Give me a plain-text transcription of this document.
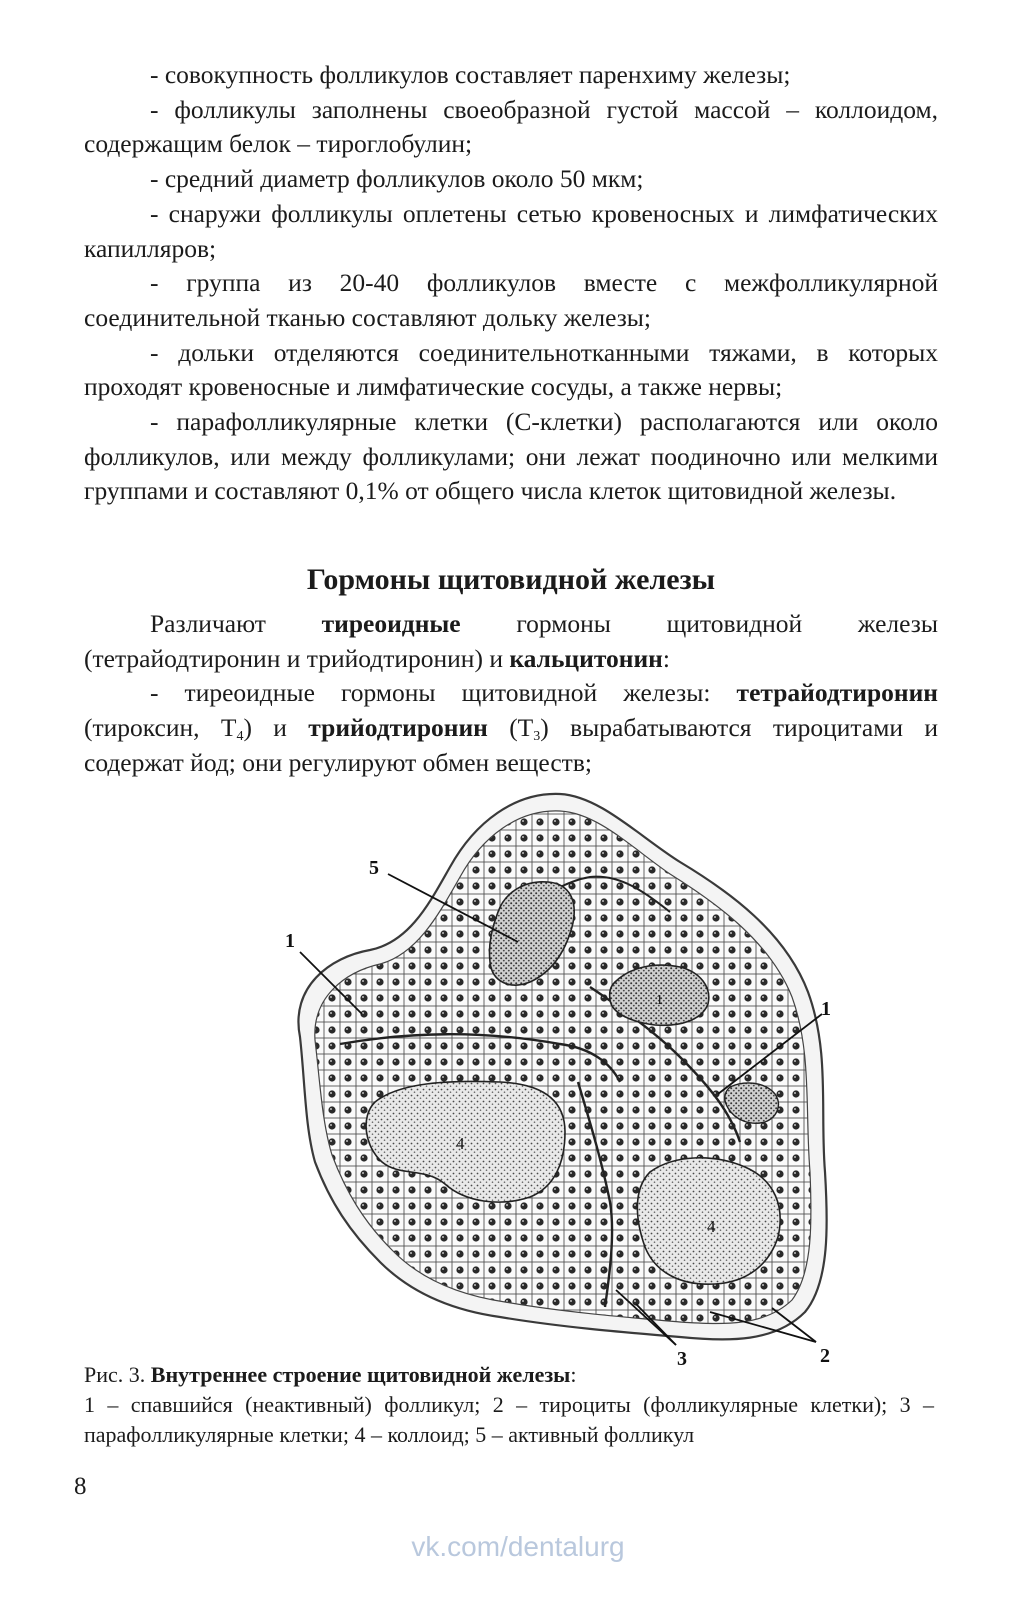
- совокупность фолликулов составляет паренхиму железы;

- фолликулы заполнены своеобразной густой массой – коллоидом, содержащим белок – тироглобулин;

- средний диаметр фолликулов около 50 мкм;

- снаружи фолликулы оплетены сетью кровеносных и лимфатических капилляров;

- группа из 20-40 фолликулов вместе с межфолликулярной соединительной тканью составляют дольку железы;

- дольки отделяются соединительнотканными тяжами, в которых проходят кровеносные и лимфатические сосуды, а также нервы;

- парафолликулярные клетки (С-клетки) располагаются или около фолликулов, или между фолликулами; они лежат поодиночно или мелкими группами и составляют 0,1% от общего числа клеток щитовидной железы.

Гормоны щитовидной железы

Различают тиреоидные гормоны щитовидной железы (тетрайодтиронин и трийодтиронин) и кальцитонин:

- тиреоидные гормоны щитовидной железы: тетрайодтиронин (тироксин, $Т_4$) и трийодтиронин $(Т_3)$ вырабатываются тироцитами и содержат йод; они регулируют обмен веществ;

5
1
1
1
4
4
3	2
Рис. 3. Внутреннее строение щитовидной железы:
1 – спавшийся (неактивный) фолликул; 2 – тироциты (фолликулярные клетки); 3 – парафолликулярные клетки; 4 – коллоид; 5 – активный фолликул
8
vk.com/dentalurg
